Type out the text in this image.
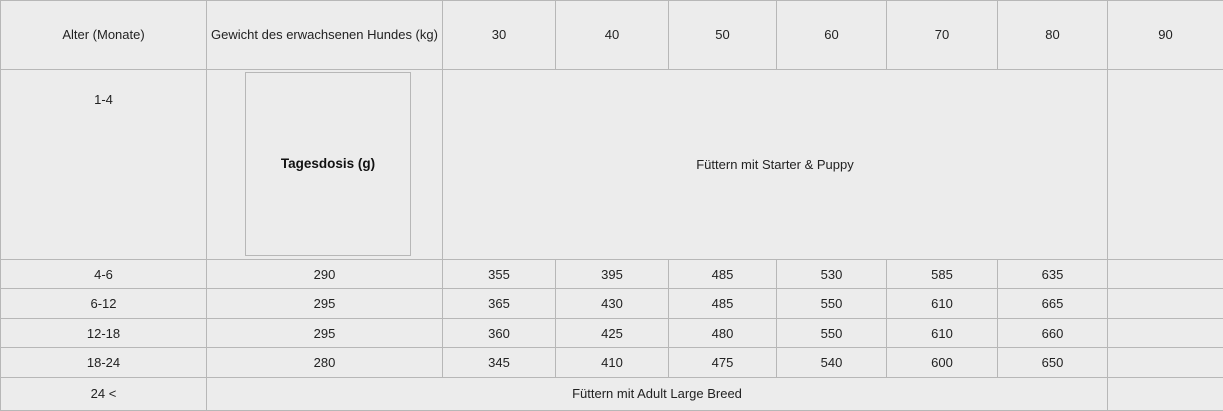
Alter (Monate)	Gewicht des erwachsenen Hundes (kg)	30	40	50	60	70	80	90
1-4	Tagesdosis (g)	Füttern mit Starter & Puppy						
4-6	290	355	395	485	530	585	635	
6-12	295	365	430	485	550	610	665	
12-18	295	360	425	480	550	610	660	
18-24	280	345	410	475	540	600	650	
24 <	Füttern mit Adult Large Breed							
